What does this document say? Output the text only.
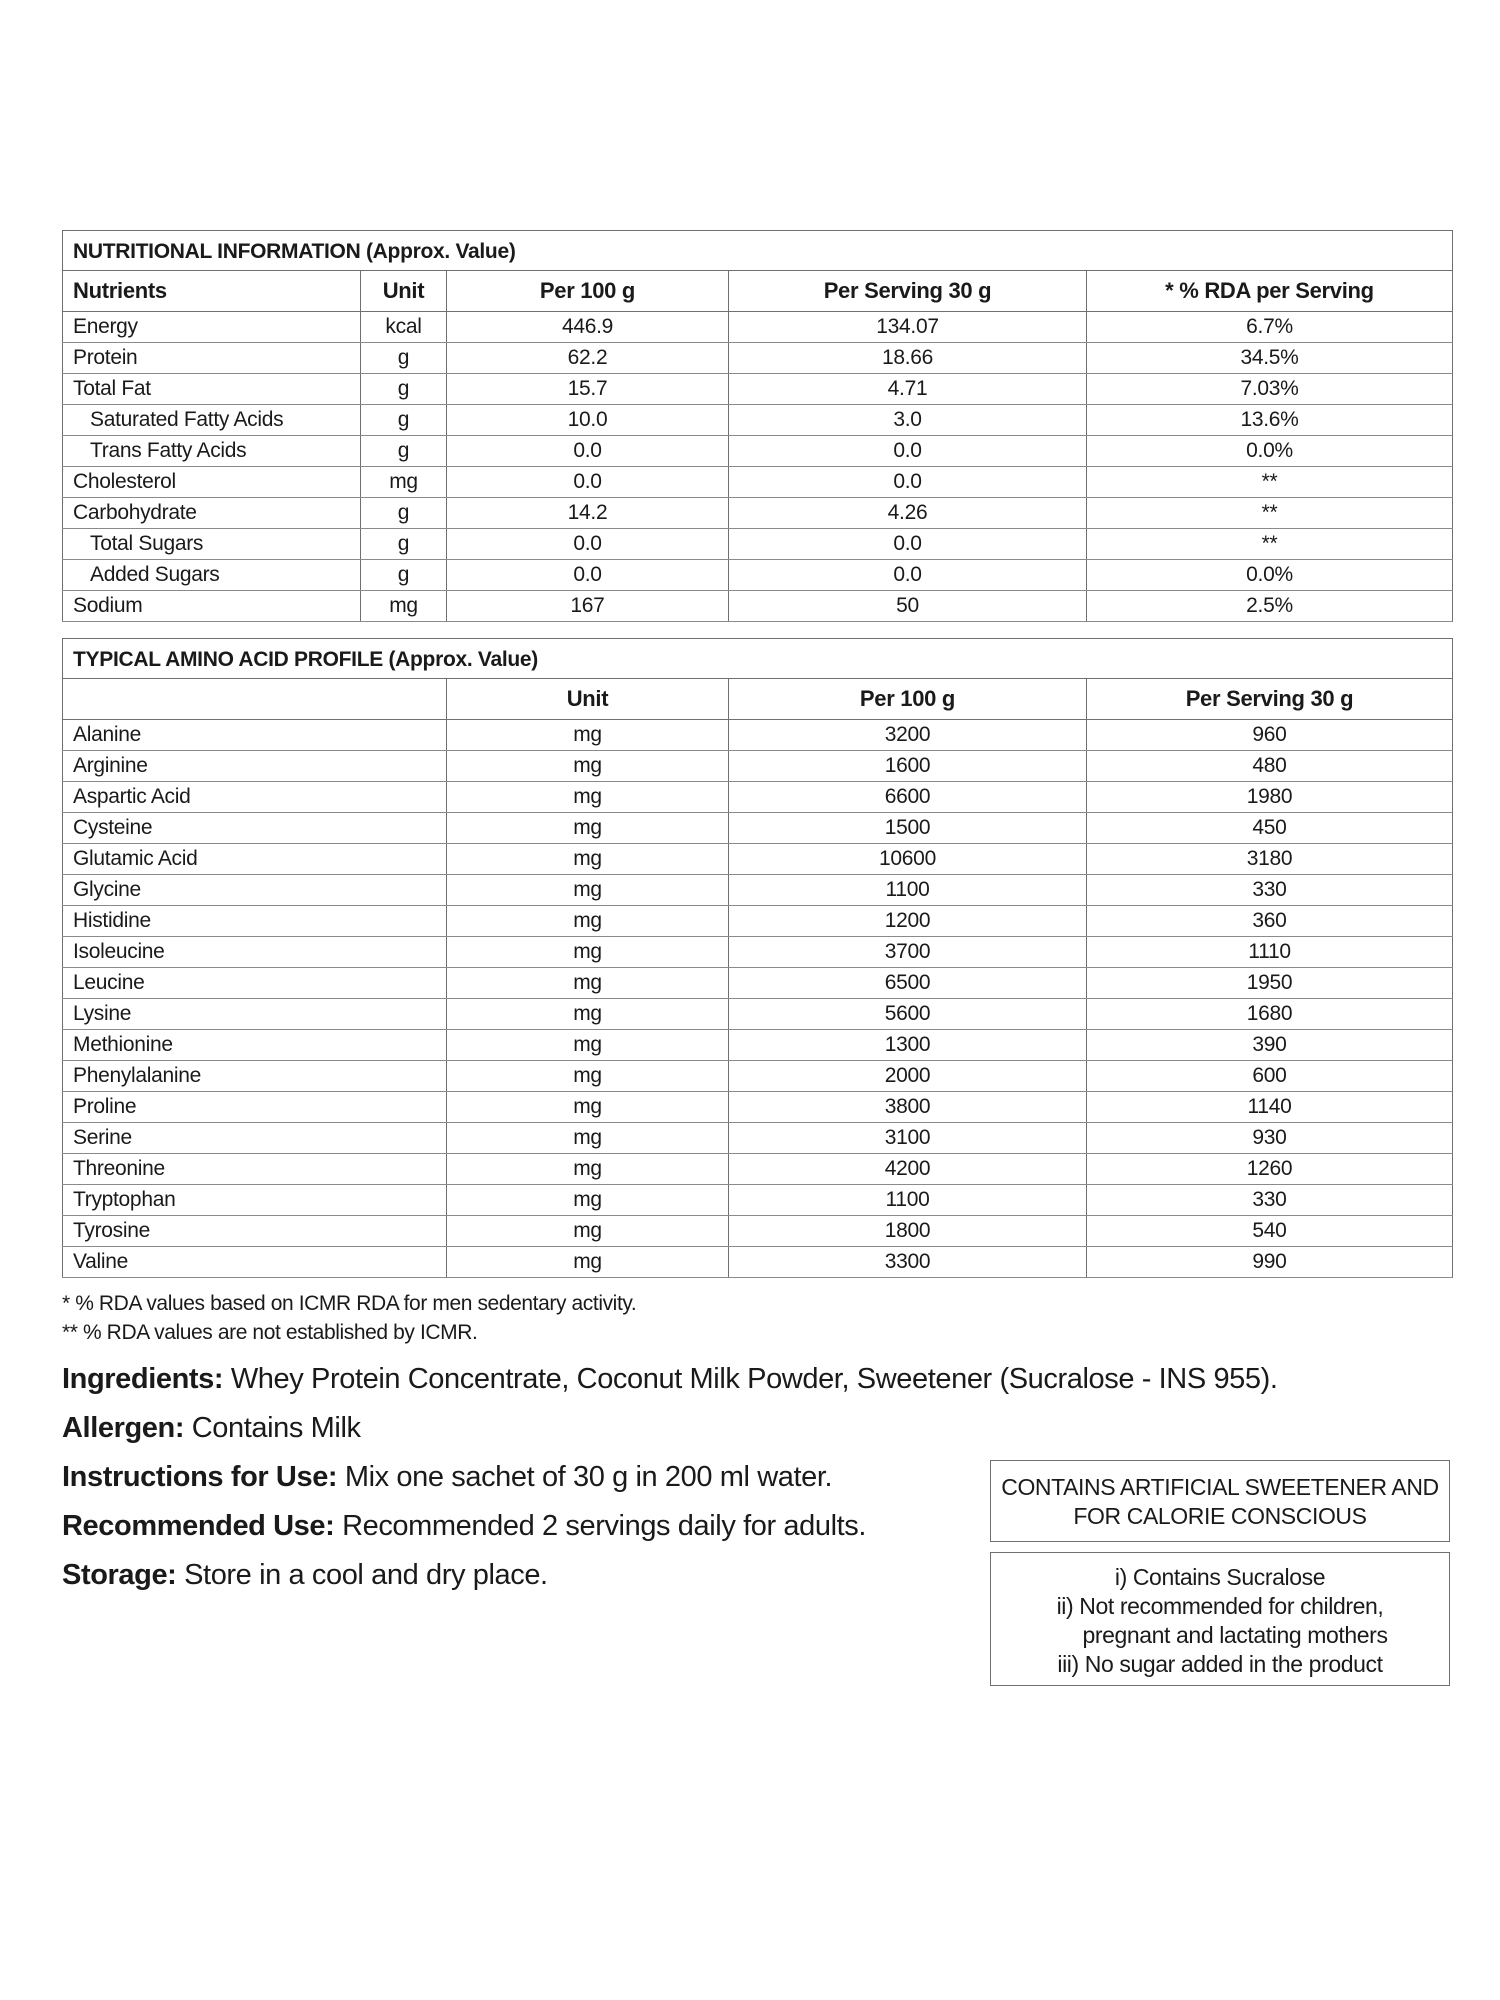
NUTRITIONAL INFORMATION (Approx. Value)				
Nutrients	Unit	Per 100 g	Per Serving 30 g	* % RDA per Serving
Energy	kcal	446.9	134.07	6.7%
Protein	g	62.2	18.66	34.5%
Total Fat	g	15.7	4.71	7.03%
Saturated Fatty Acids	g	10.0	3.0	13.6%
Trans Fatty Acids	g	0.0	0.0	0.0%
Cholesterol	mg	0.0	0.0	**
Carbohydrate	g	14.2	4.26	**
Total Sugars	g	0.0	0.0	**
Added Sugars	g	0.0	0.0	0.0%
Sodium	mg	167	50	2.5%
TYPICAL AMINO ACID PROFILE (Approx. Value)			
	Unit	Per 100 g	Per Serving 30 g
Alanine	mg	3200	960
Arginine	mg	1600	480
Aspartic Acid	mg	6600	1980
Cysteine	mg	1500	450
Glutamic Acid	mg	10600	3180
Glycine	mg	1100	330
Histidine	mg	1200	360
Isoleucine	mg	3700	1110
Leucine	mg	6500	1950
Lysine	mg	5600	1680
Methionine	mg	1300	390
Phenylalanine	mg	2000	600
Proline	mg	3800	1140
Serine	mg	3100	930
Threonine	mg	4200	1260
Tryptophan	mg	1100	330
Tyrosine	mg	1800	540
Valine	mg	3300	990
* % RDA values based on ICMR RDA for men sedentary activity.
** % RDA values are not established by ICMR.
Ingredients: Whey Protein Concentrate, Coconut Milk Powder, Sweetener (Sucralose - INS 955).
Allergen: Contains Milk
Instructions for Use: Mix one sachet of 30 g in 200 ml water.
Recommended Use: Recommended 2 servings daily for adults.
Storage: Store in a cool and dry place.
CONTAINS ARTIFICIAL SWEETENER AND
FOR CALORIE CONSCIOUS
i) Contains Sucralose
ii) Not recommended for children,
pregnant and lactating mothers
iii) No sugar added in the product
